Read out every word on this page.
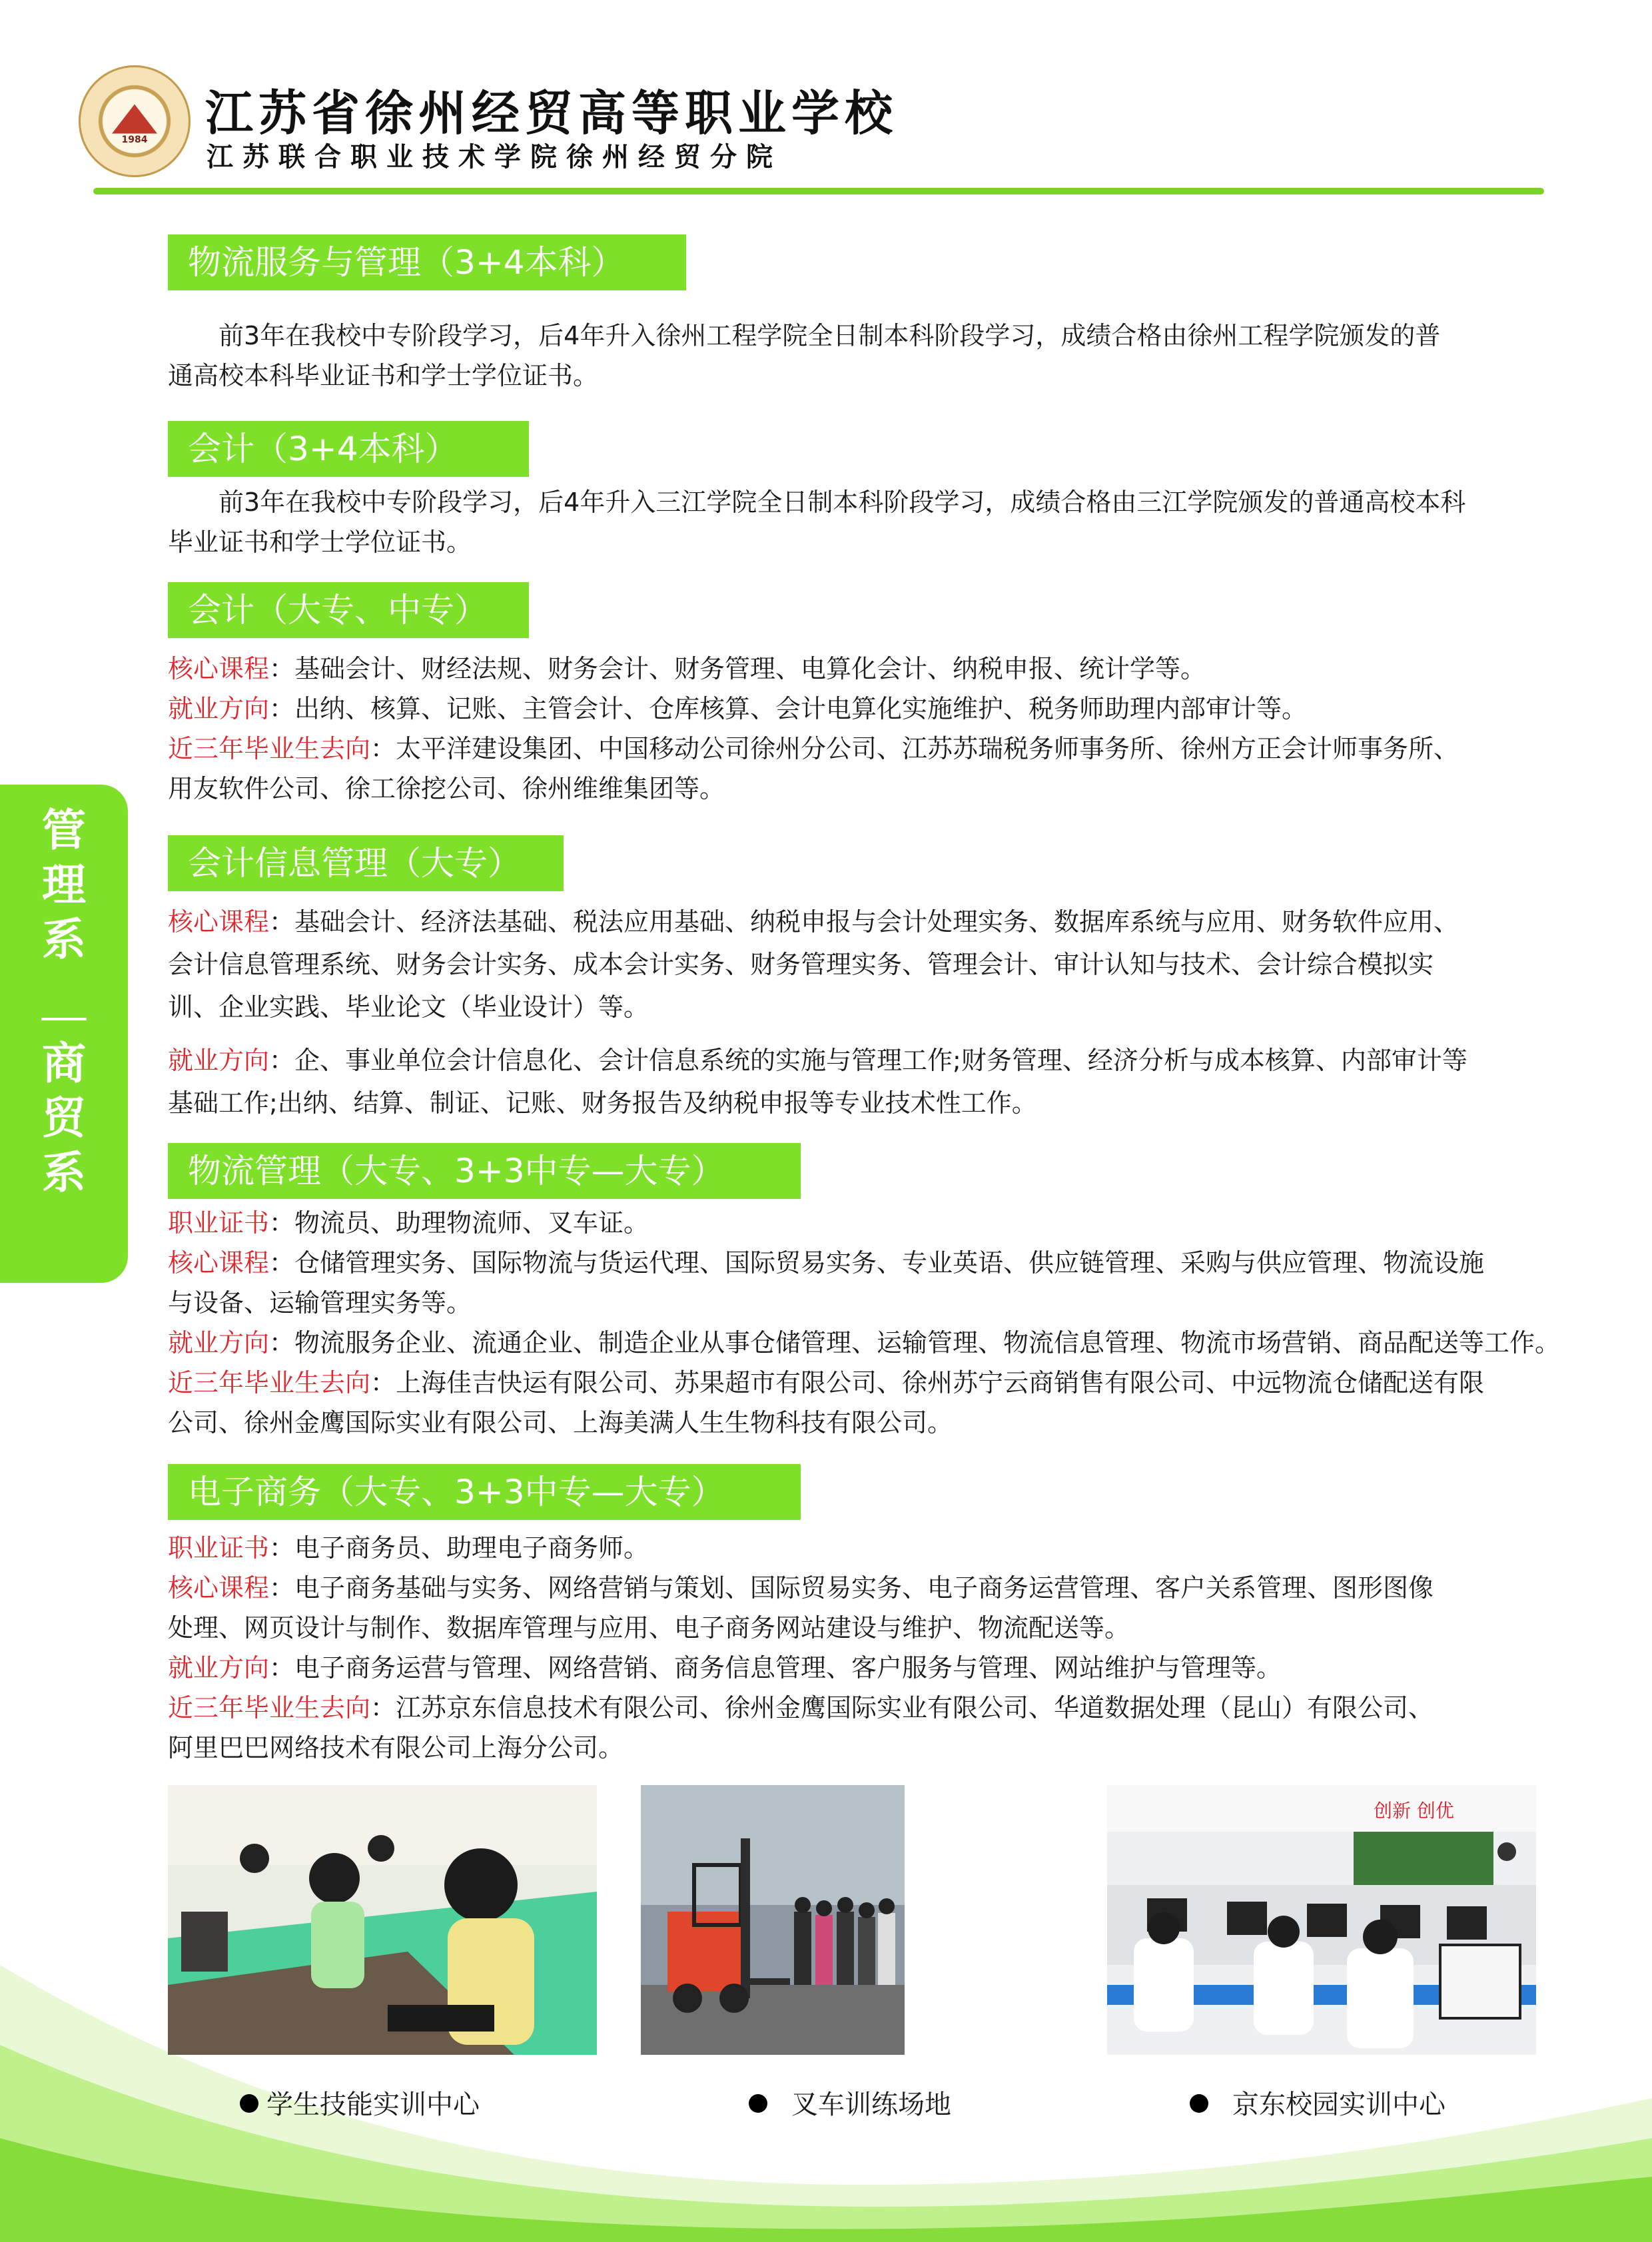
1984	江苏省徐州经贸高等职业学校
江苏联合职业技术学院徐州经贸分院
管
理
系
商
贸
系
物流服务与管理（3+4本科）
前3年在我校中专阶段学习，后4年升入徐州工程学院全日制本科阶段学习，成绩合格由徐州工程学院颁发的普
通高校本科毕业证书和学士学位证书。
会计（3+4本科）
前3年在我校中专阶段学习，后4年升入三江学院全日制本科阶段学习，成绩合格由三江学院颁发的普通高校本科
毕业证书和学士学位证书。
会计（大专、中专）
核心课程：基础会计、财经法规、财务会计、财务管理、电算化会计、纳税申报、统计学等。
就业方向：出纳、核算、记账、主管会计、仓库核算、会计电算化实施维护、税务师助理内部审计等。
近三年毕业生去向：太平洋建设集团、中国移动公司徐州分公司、江苏苏瑞税务师事务所、徐州方正会计师事务所、
用友软件公司、徐工徐挖公司、徐州维维集团等。
会计信息管理（大专）
核心课程：基础会计、经济法基础、税法应用基础、纳税申报与会计处理实务、数据库系统与应用、财务软件应用、
会计信息管理系统、财务会计实务、成本会计实务、财务管理实务、管理会计、审计认知与技术、会计综合模拟实
训、企业实践、毕业论文（毕业设计）等。
就业方向：企、事业单位会计信息化、会计信息系统的实施与管理工作;财务管理、经济分析与成本核算、内部审计等
基础工作;出纳、结算、制证、记账、财务报告及纳税申报等专业技术性工作。
物流管理（大专、3+3中专—大专）
职业证书：物流员、助理物流师、叉车证。
核心课程：仓储管理实务、国际物流与货运代理、国际贸易实务、专业英语、供应链管理、采购与供应管理、物流设施
与设备、运输管理实务等。
就业方向：物流服务企业、流通企业、制造企业从事仓储管理、运输管理、物流信息管理、物流市场营销、商品配送等工作。
近三年毕业生去向：上海佳吉快运有限公司、苏果超市有限公司、徐州苏宁云商销售有限公司、中远物流仓储配送有限
公司、徐州金鹰国际实业有限公司、上海美满人生生物科技有限公司。
电子商务（大专、3+3中专—大专）
职业证书：电子商务员、助理电子商务师。
核心课程：电子商务基础与实务、网络营销与策划、国际贸易实务、电子商务运营管理、客户关系管理、图形图像
处理、网页设计与制作、数据库管理与应用、电子商务网站建设与维护、物流配送等。
就业方向：电子商务运营与管理、网络营销、商务信息管理、客户服务与管理、网站维护与管理等。
近三年毕业生去向：江苏京东信息技术有限公司、徐州金鹰国际实业有限公司、华道数据处理（昆山）有限公司、
阿里巴巴网络技术有限公司上海分公司。
创新 创优
学生技能实训中心	叉车训练场地	京东校园实训中心
